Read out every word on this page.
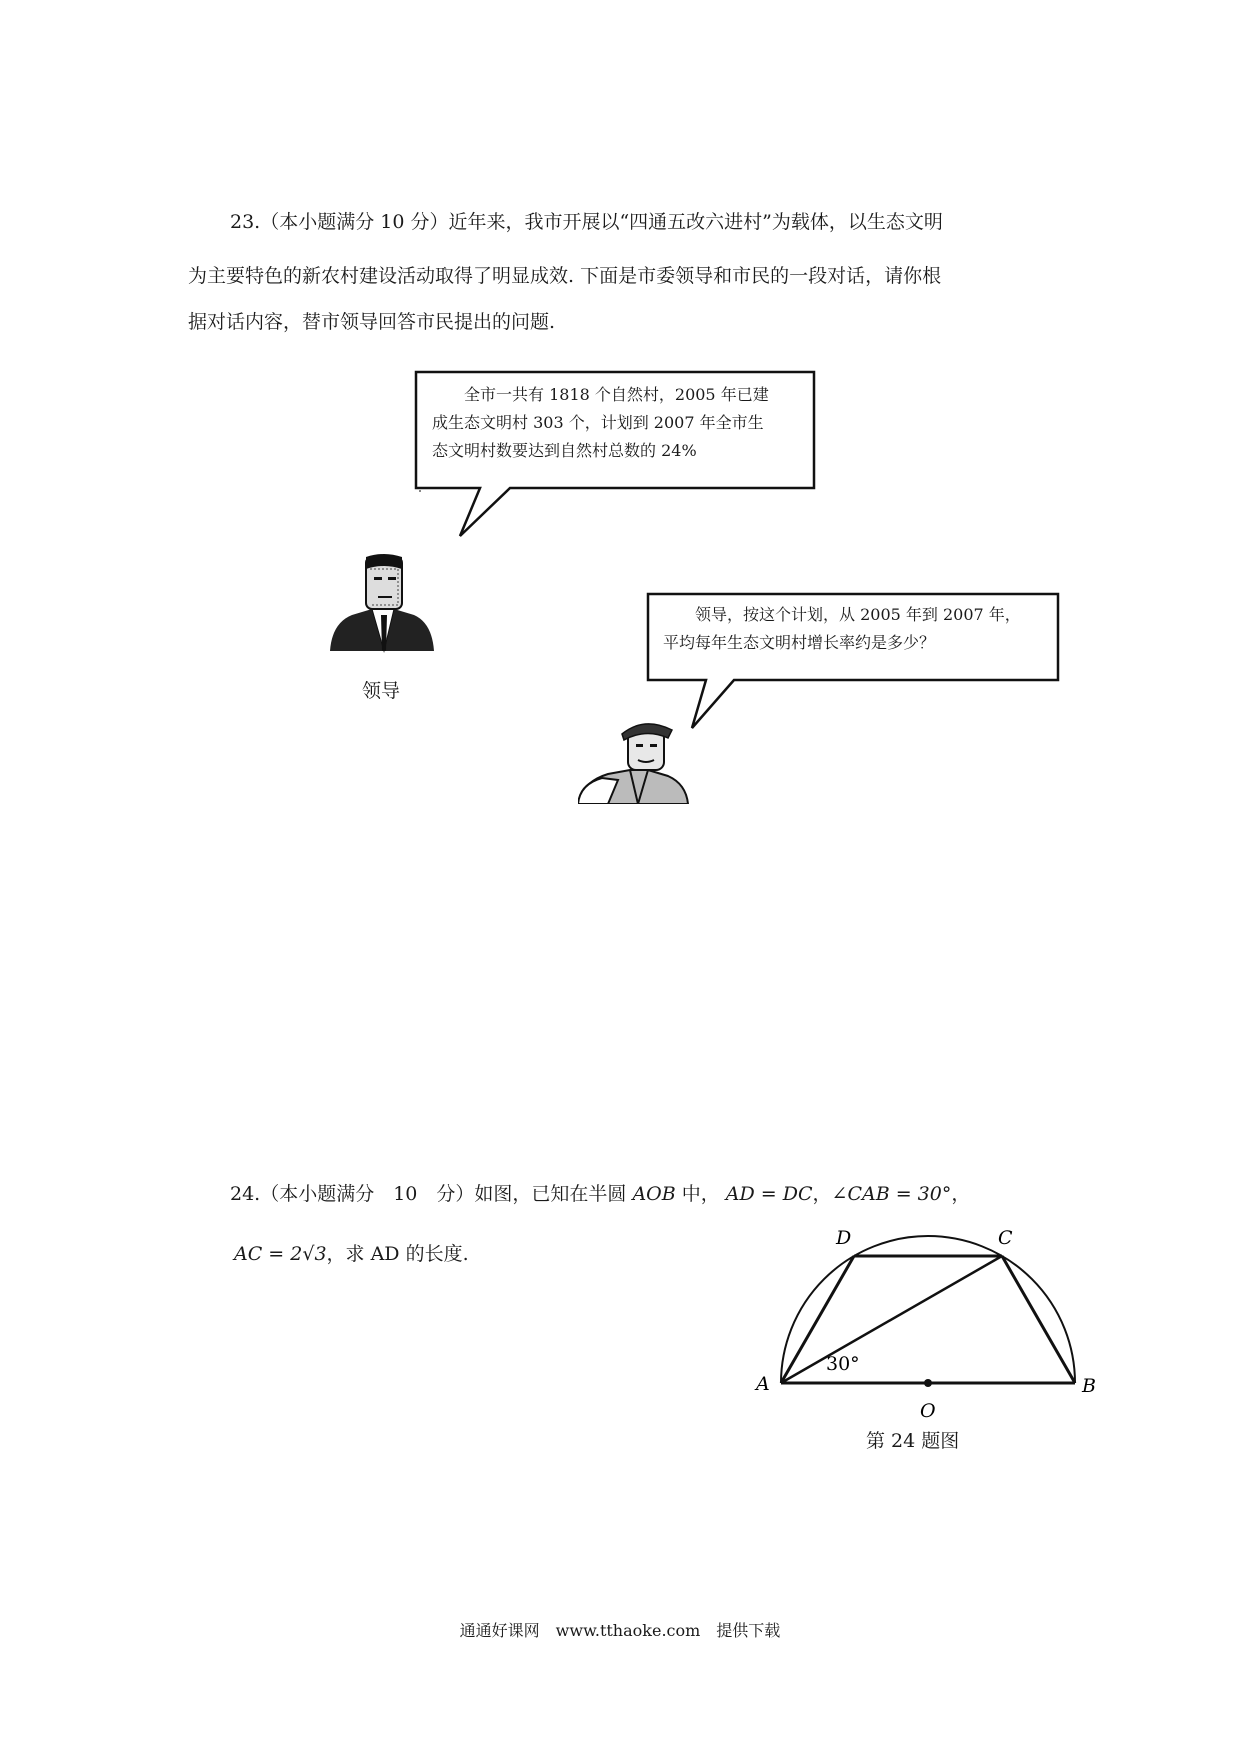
23.（本小题满分 10 分）近年来，我市开展以“四通五改六进村”为载体，以生态文明

为主要特色的新农村建设活动取得了明显成效. 下面是市委领导和市民的一段对话，请你根

据对话内容，替市领导回答市民提出的问题.

　　全市一共有 1818 个自然村，2005 年已建
成生态文明村 303 个，计划到 2007 年全市生
态文明村数要达到自然村总数的 24%
领导
　　领导，按这个计划，从 2005 年到 2007 年，
平均每年生态文明村增长率约是多少？
24.（本小题满分　10　分）如图，已知在半圆 AOB 中， AD = DC，∠CAB = 30°，
AC = 2√3，求 AD 的长度.
A	B
C
D
O
30°
第 24 题图
通通好课网　www.tthaoke.com　提供下载
